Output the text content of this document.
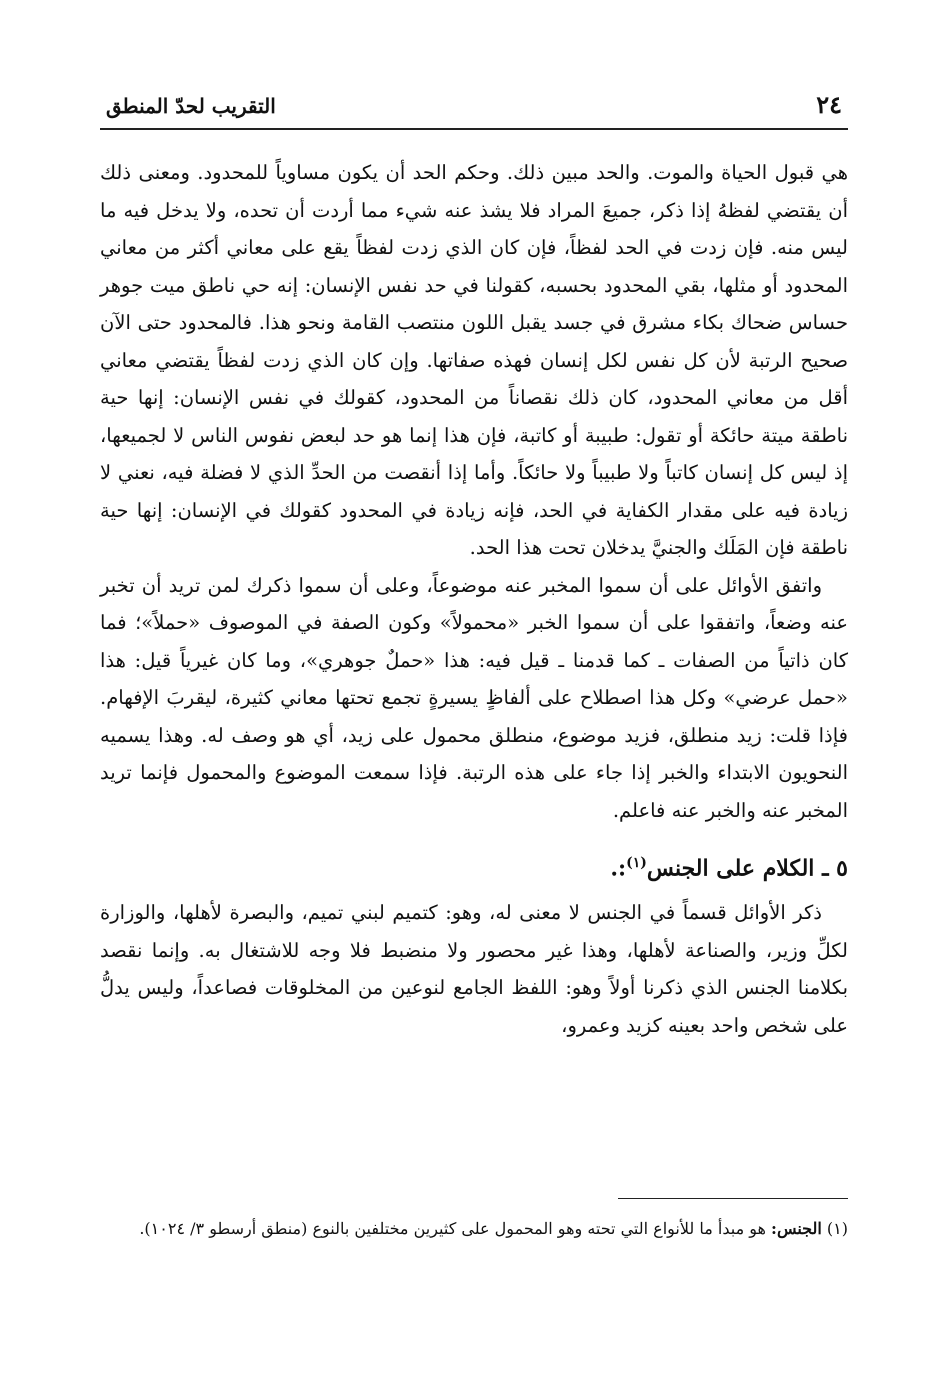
٢٤
التقريب لحدّ المنطق

هي قبول الحياة والموت. والحد مبين ذلك. وحكم الحد أن يكون مساوياً للمحدود. ومعنى ذلك أن يقتضي لفظهُ إذا ذكر، جميعَ المراد فلا يشذ عنه شيء مما أردت أن تحده، ولا يدخل فيه ما ليس منه. فإن زدت في الحد لفظاً، فإن كان الذي زدت لفظاً يقع على معاني أكثر من معاني المحدود أو مثلها، بقي المحدود بحسبه، كقولنا في حد نفس الإنسان: إنه حي ناطق ميت جوهر حساس ضحاك بكاء مشرق في جسد يقبل اللون منتصب القامة ونحو هذا. فالمحدود حتى الآن صحيح الرتبة لأن كل نفس لكل إنسان فهذه صفاتها. وإن كان الذي زدت لفظاً يقتضي معاني أقل من معاني المحدود، كان ذلك نقصاناً من المحدود، كقولك في نفس الإنسان: إنها حية ناطقة ميتة حائكة أو تقول: طبيبة أو كاتبة، فإن هذا إنما هو حد لبعض نفوس الناس لا لجميعها، إذ ليس كل إنسان كاتباً ولا طبيباً ولا حائكاً. وأما إذا أنقصت من الحدِّ الذي لا فضلة فيه، نعني لا زيادة فيه على مقدار الكفاية في الحد، فإنه زيادة في المحدود كقولك في الإنسان: إنها حية ناطقة فإن المَلَك والجنيَّ يدخلان تحت هذا الحد.

واتفق الأوائل على أن سموا المخبر عنه موضوعاً، وعلى أن سموا ذكرك لمن تريد أن تخبر عنه وضعاً، واتفقوا على أن سموا الخبر «محمولاً» وكون الصفة في الموصوف «حملاً»؛ فما كان ذاتياً من الصفات ـ كما قدمنا ـ قيل فيه: هذا «حملٌ جوهري»، وما كان غيرياً قيل: هذا «حمل عرضي» وكل هذا اصطلاح على ألفاظٍ يسيرةٍ تجمع تحتها معاني كثيرة، ليقربَ الإفهام. فإذا قلت: زيد منطلق، فزيد موضوع، منطلق محمول على زيد، أي هو وصف له. وهذا يسميه النحويون الابتداء والخبر إذا جاء على هذه الرتبة. فإذا سمعت الموضوع والمحمول فإنما تريد المخبر عنه والخبر عنه فاعلم.

٥ ـ الكلام على الجنس$^{(١)}$:.

ذكر الأوائل قسماً في الجنس لا معنى له، وهو: كتميم لبني تميم، والبصرة لأهلها، والوزارة لكلِّ وزير، والصناعة لأهلها، وهذا غير محصور ولا منضبط فلا وجه للاشتغال به. وإنما نقصد بكلامنا الجنس الذي ذكرنا أولاً وهو: اللفظ الجامع لنوعين من المخلوقات فصاعداً، وليس يدلُّ على شخص واحد بعينه كزيد وعمرو،

(١) الجنس: هو مبدأ ما للأنواع التي تحته وهو المحمول على كثيرين مختلفين بالنوع (منطق أرسطو ٣/ ١٠٢٤).
